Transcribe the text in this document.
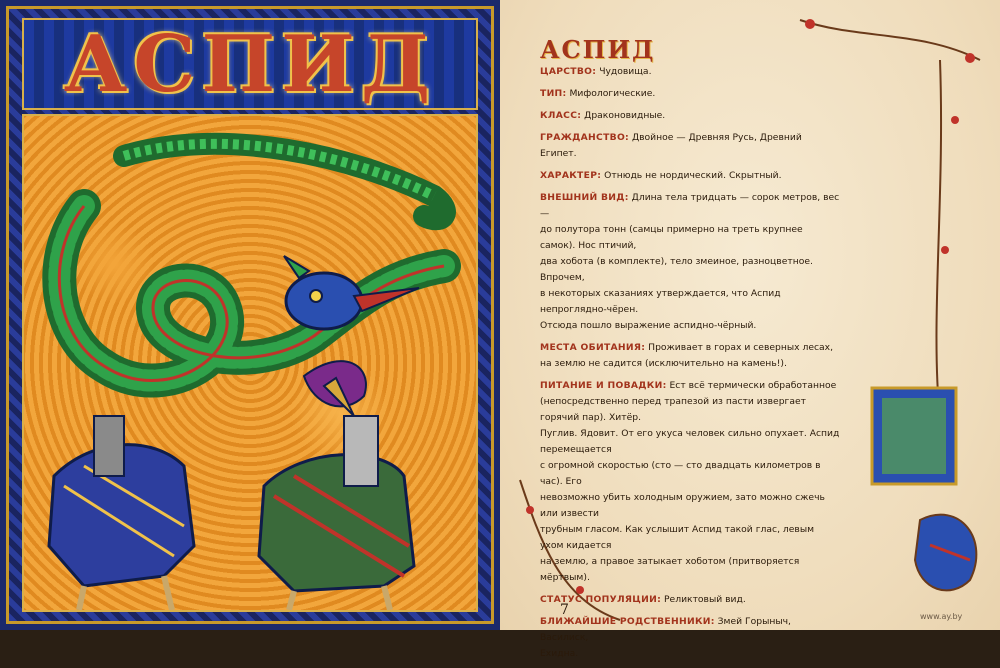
А С П И Д	АСПИД
ЦАРСТВО: Чудовища.
ТИП: Мифологические.
КЛАСС: Драконовидные.
ГРАЖДАНСТВО: Двойное — Древняя Русь, Древний Египет.
ХАРАКТЕР: Отнюдь не нордический. Скрытный.
ВНЕШНИЙ ВИД: Длина тела тридцать — сорок метров, вес —
до полутора тонн (самцы примерно на треть крупнее самок). Нос птичий,
два хобота (в комплекте), тело змеиное, разноцветное. Впрочем,
в некоторых сказаниях утверждается, что Аспид непроглядно-чёрен.
Отсюда пошло выражение аспидно-чёрный.
МЕСТА ОБИТАНИЯ: Проживает в горах и северных лесах,
на землю не садится (исключительно на камень!).
ПИТАНИЕ И ПОВАДКИ: Ест всё термически обработанное
(непосредственно перед трапезой из пасти извергает горячий пар). Хитёр.
Пуглив. Ядовит. От его укуса человек сильно опухает. Аспид перемещается
с огромной скоростью (сто — сто двадцать километров в час). Его
невозможно убить холодным оружием, зато можно сжечь или извести
трубным гласом. Как услышит Аспид такой глас, левым ухом кидается
на землю, а правое затыкает хоботом (притворяется мёртвым).
СТАТУС ПОПУЛЯЦИИ: Реликтовый вид.
БЛИЖАЙШИЕ РОДСТВЕННИКИ: Змей Горыныч, Василиск,
Ехидна.
7	www.ay.by
